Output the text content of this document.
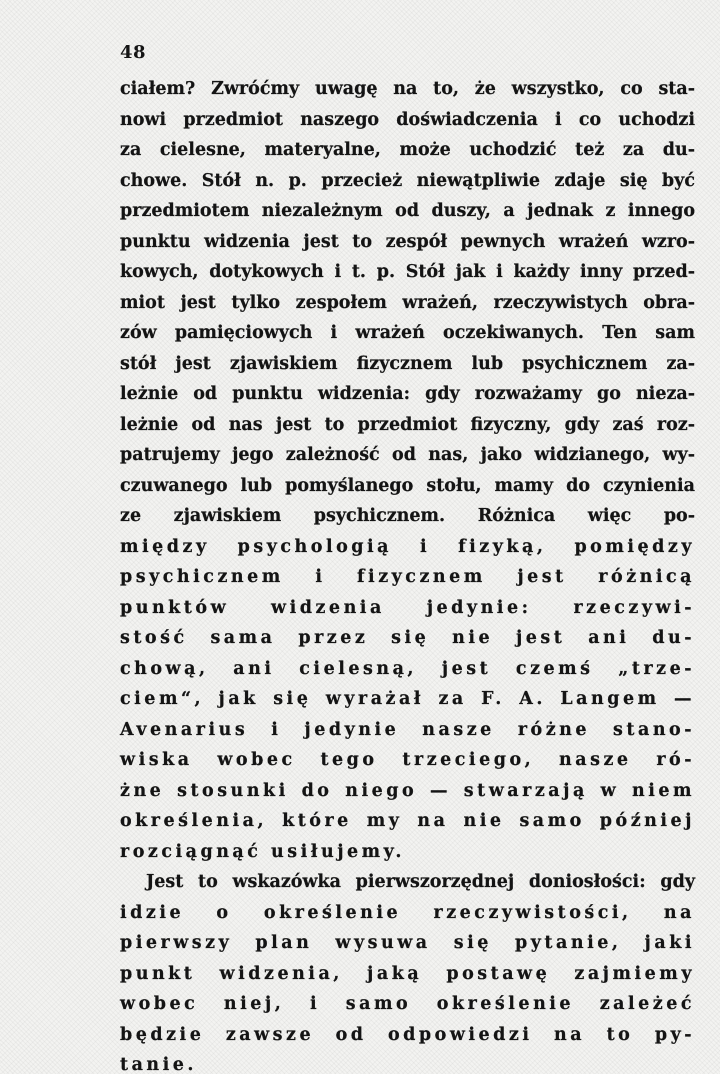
48
ciałem? Zwróćmy uwagę na to, że wszystko, co sta-
nowi przedmiot naszego doświadczenia i co uchodzi
za cielesne, materyalne, może uchodzić też za du-
chowe. Stół n. p. przecież niewątpliwie zdaje się być
przedmiotem niezależnym od duszy, a jednak z innego
punktu widzenia jest to zespół pewnych wrażeń wzro-
kowych, dotykowych i t. p. Stół jak i każdy inny przed-
miot jest tylko zespołem wrażeń, rzeczywistych obra-
zów pamięciowych i wrażeń oczekiwanych. Ten sam
stół jest zjawiskiem fizycznem lub psychicznem za-
leżnie od punktu widzenia: gdy rozważamy go nieza-
leżnie od nas jest to przedmiot fizyczny, gdy zaś roz-
patrujemy jego zależność od nas, jako widzianego, wy-
czuwanego lub pomyślanego stołu, mamy do czynienia
ze zjawiskiem psychicznem. Różnica więc po-
między psychologią i fizyką, pomiędzy
psychicznem i fizycznem jest różnicą
punktów widzenia jedynie: rzeczywi-
stość sama przez się nie jest ani du-
chową, ani cielesną, jest czemś „trze-
ciem“, jak się wyrażał za F. A. Langem —
Avenarius i jedynie nasze różne stano-
wiska wobec tego trzeciego, nasze ró-
żne stosunki do niego — stwarzają w niem
określenia, które my na nie samo później
rozciągnąć usiłujemy.
Jest to wskazówka pierwszorzędnej doniosłości: gdy
idzie o określenie rzeczywistości, na
pierwszy plan wysuwa się pytanie, jaki
punkt widzenia, jaką postawę zajmiemy
wobec niej, i samo określenie zależeć
będzie zawsze od odpowiedzi na to py-
tanie.
